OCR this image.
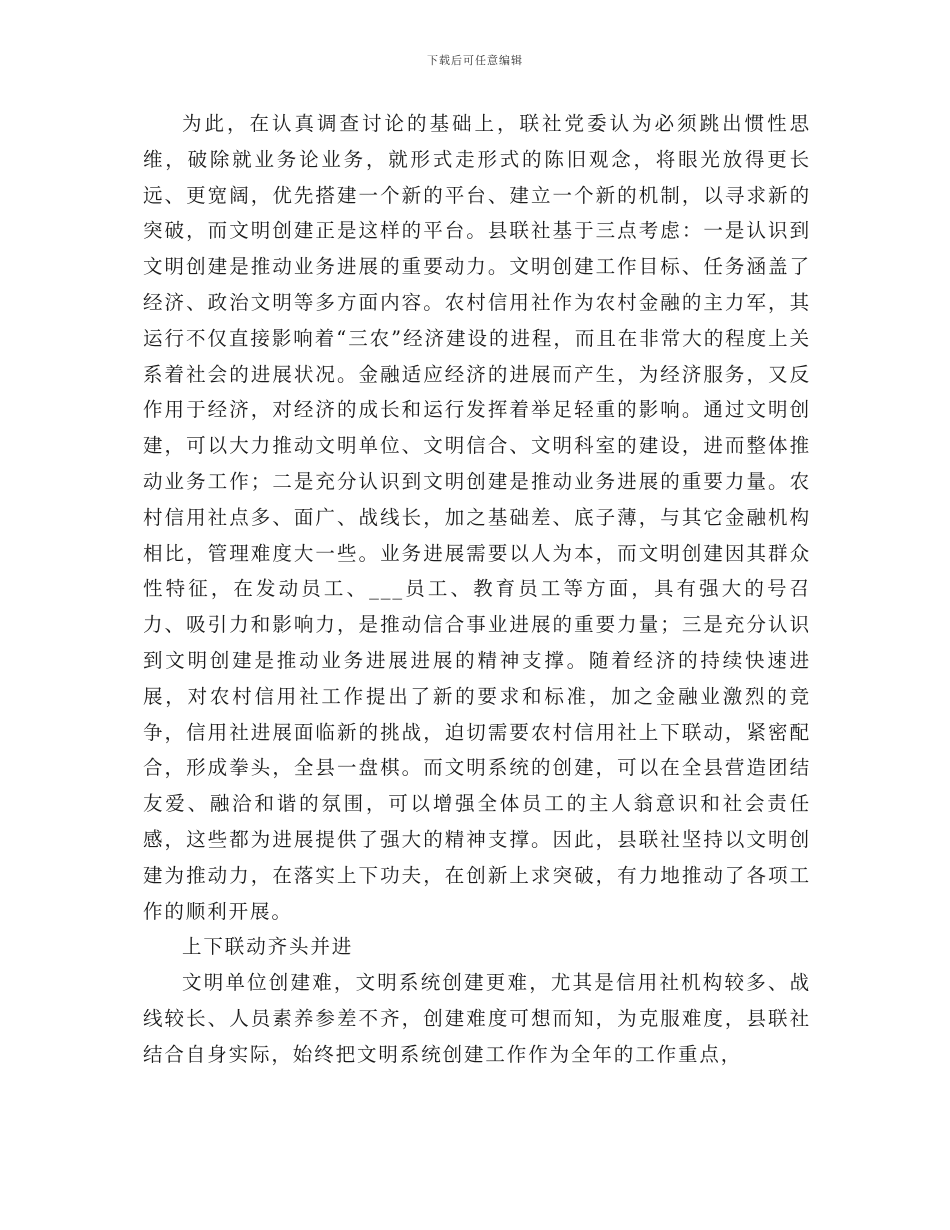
下载后可任意编辑

为此，在认真调查讨论的基础上，联社党委认为必须跳出惯性思维，破除就业务论业务，就形式走形式的陈旧观念，将眼光放得更长远、更宽阔，优先搭建一个新的平台、建立一个新的机制，以寻求新的突破，而文明创建正是这样的平台。县联社基于三点考虑：一是认识到文明创建是推动业务进展的重要动力。文明创建工作目标、任务涵盖了经济、政治文明等多方面内容。农村信用社作为农村金融的主力军，其运行不仅直接影响着“三农”经济建设的进程，而且在非常大的程度上关系着社会的进展状况。金融适应经济的进展而产生，为经济服务，又反作用于经济，对经济的成长和运行发挥着举足轻重的影响。通过文明创建，可以大力推动文明单位、文明信合、文明科室的建设，进而整体推动业务工作；二是充分认识到文明创建是推动业务进展的重要力量。农村信用社点多、面广、战线长，加之基础差、底子薄，与其它金融机构相比，管理难度大一些。业务进展需要以人为本，而文明创建因其群众性特征，在发动员工、___员工、教育员工等方面，具有强大的号召力、吸引力和影响力，是推动信合事业进展的重要力量；三是充分认识到文明创建是推动业务进展进展的精神支撑。随着经济的持续快速进展，对农村信用社工作提出了新的要求和标准，加之金融业激烈的竞争，信用社进展面临新的挑战，迫切需要农村信用社上下联动，紧密配合，形成拳头，全县一盘棋。而文明系统的创建，可以在全县营造团结友爱、融洽和谐的氛围，可以增强全体员工的主人翁意识和社会责任感，这些都为进展提供了强大的精神支撑。因此，县联社坚持以文明创建为推动力，在落实上下功夫，在创新上求突破，有力地推动了各项工作的顺利开展。

上下联动齐头并进

文明单位创建难，文明系统创建更难，尤其是信用社机构较多、战线较长、人员素养参差不齐，创建难度可想而知，为克服难度，县联社结合自身实际，始终把文明系统创建工作作为全年的工作重点，
